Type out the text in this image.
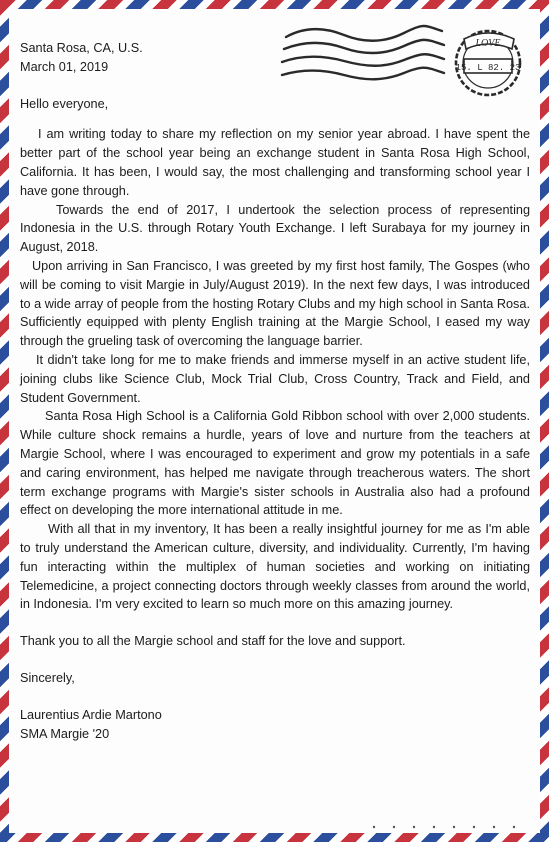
LOVE
15. L 82. 23

Santa Rosa, CA, U.S.

March 01, 2019

Hello everyone,

I am writing today to share my reflection on my senior year abroad. I have spent the better part of the school year being an exchange student in Santa Rosa High School, California. It has been, I would say, the most challenging and transforming school year I have gone through.

Towards the end of 2017, I undertook the selection process of representing Indonesia in the U.S. through Rotary Youth Exchange. I left Surabaya for my journey in August, 2018.

Upon arriving in San Francisco, I was greeted by my first host family, The Gospes (who will be coming to visit Margie in July/August 2019). In the next few days, I was introduced to a wide array of people from the hosting Rotary Clubs and my high school in Santa Rosa. Sufficiently equipped with plenty English training at the Margie School, I eased my way through the grueling task of overcoming the language barrier.

It didn't take long for me to make friends and immerse myself in an active student life, joining clubs like Science Club, Mock Trial Club, Cross Country, Track and Field, and Student Government.

Santa Rosa High School is a California Gold Ribbon school with over 2,000 students. While culture shock remains a hurdle, years of love and nurture from the teachers at Margie School, where I was encouraged to experiment and grow my potentials in a safe and caring environment, has helped me navigate through treacherous waters. The short term exchange programs with Margie's sister schools in Australia also had a profound effect on developing the more international attitude in me.

With all that in my inventory, It has been a really insightful journey for me as I'm able to truly understand the American culture, diversity, and individuality. Currently, I'm having fun interacting within the multiplex of human societies and working on initiating Telemedicine, a project connecting doctors through weekly classes from around the world, in Indonesia. I'm very excited to learn so much more on this amazing journey.

Thank you to all the Margie school and staff for the love and support.

Sincerely,

Laurentius Ardie Martono

SMA Margie '20
